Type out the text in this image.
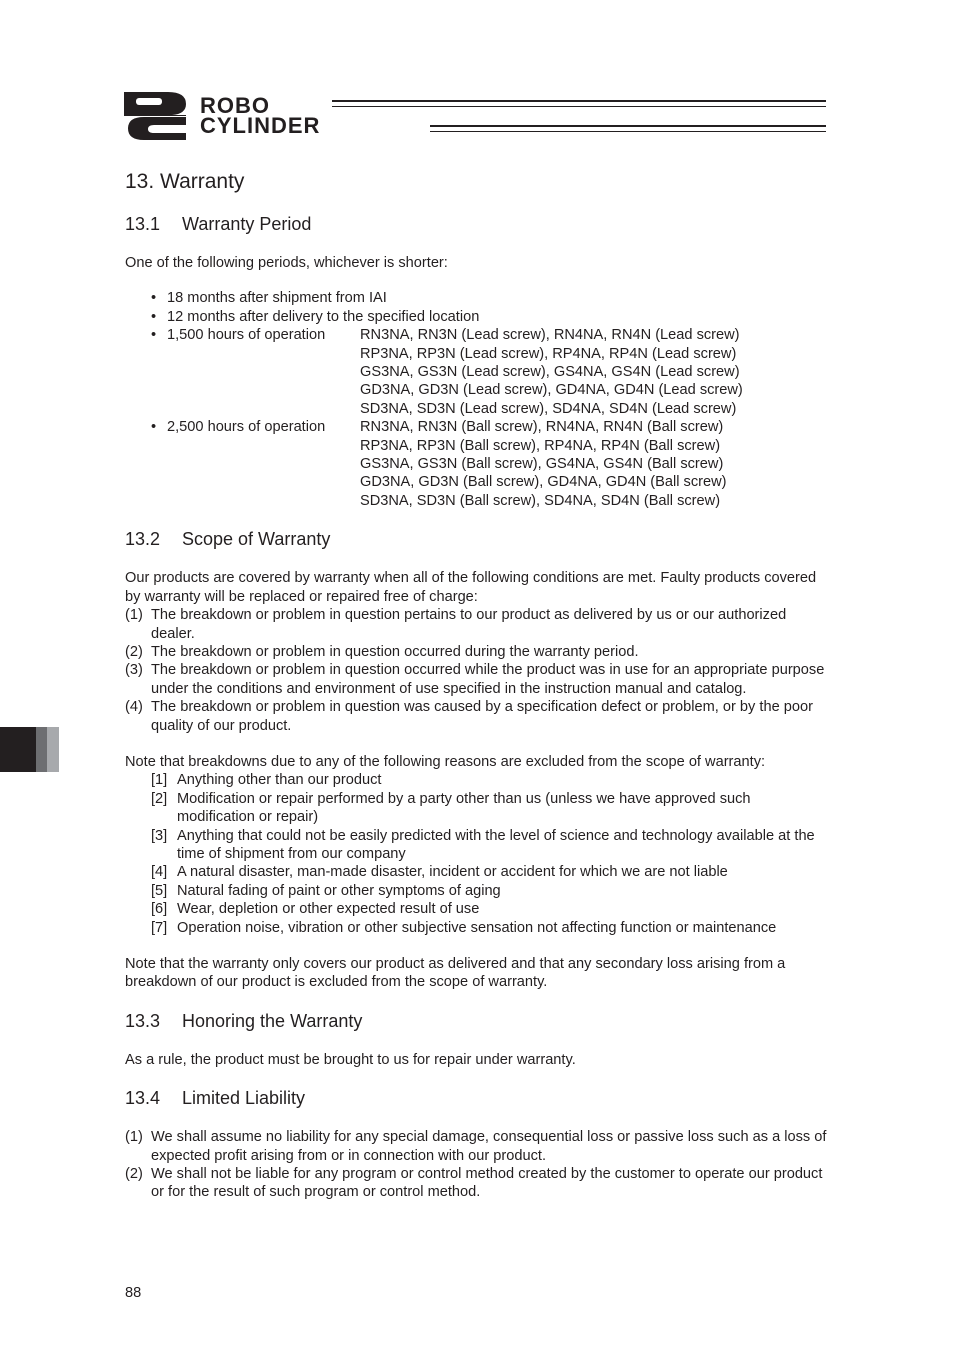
ROBO
CYLINDER
13. Warranty
13.1 Warranty Period

One of the following periods, whichever is shorter:

• 18 months after shipment from IAI
• 12 months after delivery to the specified location
• 1,500 hours of operation	RN3NA, RN3N (Lead screw), RN4NA, RN4N (Lead screw)
RP3NA, RP3N (Lead screw), RP4NA, RP4N (Lead screw)
GS3NA, GS3N (Lead screw), GS4NA, GS4N (Lead screw)
GD3NA, GD3N (Lead screw), GD4NA, GD4N (Lead screw)
SD3NA, SD3N (Lead screw), SD4NA, SD4N (Lead screw)
• 2,500 hours of operation	RN3NA, RN3N (Ball screw), RN4NA, RN4N (Ball screw)
RP3NA, RP3N (Ball screw), RP4NA, RP4N (Ball screw)
GS3NA, GS3N (Ball screw), GS4NA, GS4N (Ball screw)
GD3NA, GD3N (Ball screw), GD4NA, GD4N (Ball screw)
SD3NA, SD3N (Ball screw), SD4NA, SD4N (Ball screw)
13.2 Scope of Warranty

Our products are covered by warranty when all of the following conditions are met. Faulty products covered by warranty will be replaced or repaired free of charge:

(1) The breakdown or problem in question pertains to our product as delivered by us or our authorized dealer.
(2) The breakdown or problem in question occurred during the warranty period.
(3) The breakdown or problem in question occurred while the product was in use for an appropriate purpose under the conditions and environment of use specified in the instruction manual and catalog.
(4) The breakdown or problem in question was caused by a specification defect or problem, or by the poor quality of our product.

Note that breakdowns due to any of the following reasons are excluded from the scope of warranty:

[1] Anything other than our product
[2] Modification or repair performed by a party other than us (unless we have approved such modification or repair)
[3] Anything that could not be easily predicted with the level of science and technology available at the time of shipment from our company
[4] A natural disaster, man-made disaster, incident or accident for which we are not liable
[5] Natural fading of paint or other symptoms of aging
[6] Wear, depletion or other expected result of use
[7] Operation noise, vibration or other subjective sensation not affecting function or maintenance

Note that the warranty only covers our product as delivered and that any secondary loss arising from a breakdown of our product is excluded from the scope of warranty.

13.3 Honoring the Warranty

As a rule, the product must be brought to us for repair under warranty.

13.4 Limited Liability
(1) We shall assume no liability for any special damage, consequential loss or passive loss such as a loss of expected profit arising from or in connection with our product.
(2) We shall not be liable for any program or control method created by the customer to operate our product or for the result of such program or control method.
88
